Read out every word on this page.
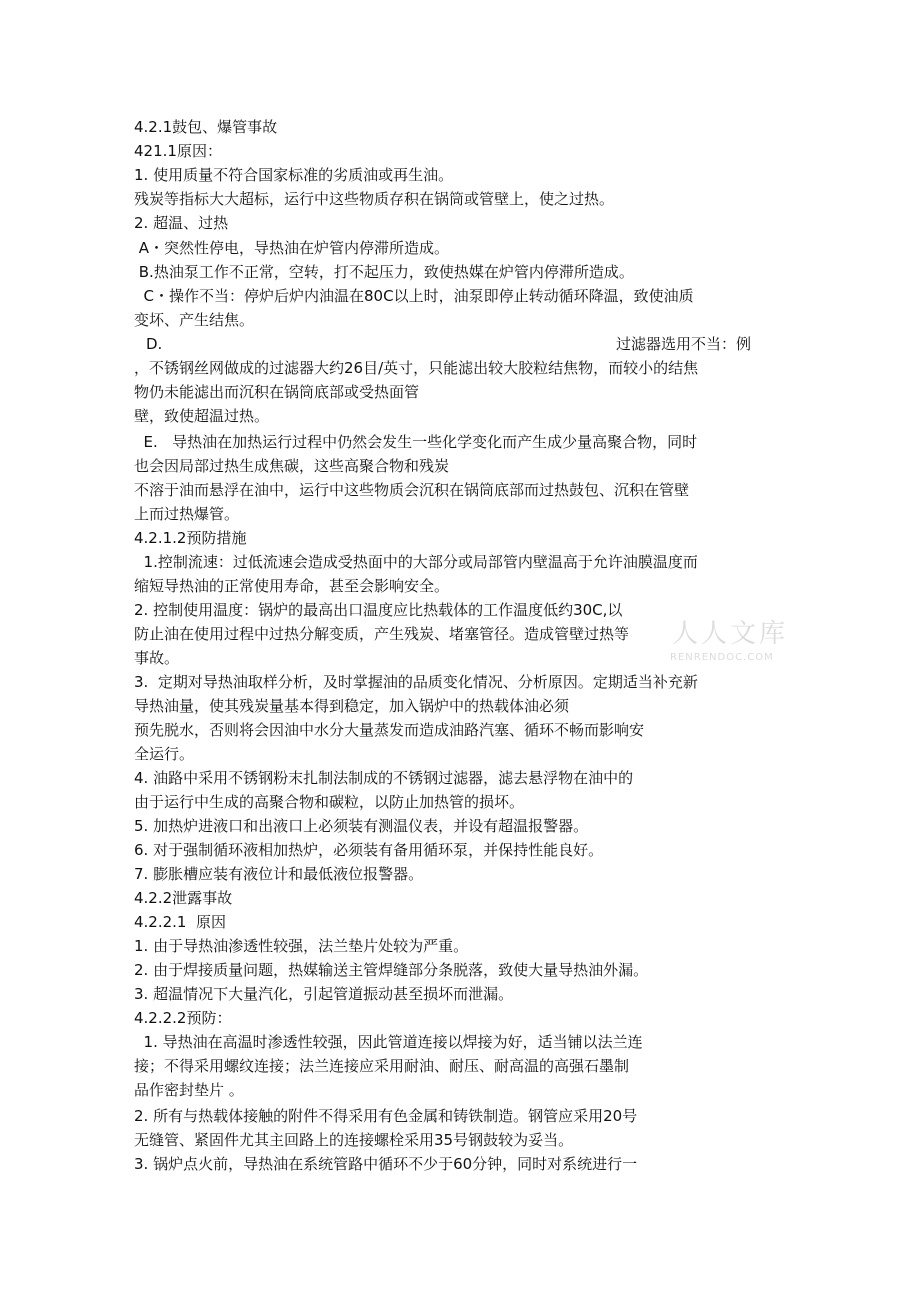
4.2.1鼓包、爆管事故
421.1原因：
1. 使用质量不符合国家标准的劣质油或再生油。
残炭等指标大大超标，运行中这些物质存积在锅筒或管壁上，使之过热。
2. 超温、过热
A・突然性停电，导热油在炉管内停滞所造成。
B.热油泵工作不正常，空转，打不起压力，致使热媒在炉管内停滞所造成。
C・操作不当：停炉后炉内油温在80C以上时，油泵即停止转动循环降温，致使油质
变坏、产生结焦。
，不锈钢丝网做成的过滤器大约26目/英寸，只能滤出较大胶粒结焦物，而较小的结焦
物仍未能滤出而沉积在锅筒底部或受热面管
壁，致使超温过热。
E.   导热油在加热运行过程中仍然会发生一些化学变化而产生成少量高聚合物，同时
也会因局部过热生成焦碳，这些高聚合物和残炭
不溶于油而悬浮在油中，运行中这些物质会沉积在锅筒底部而过热鼓包、沉积在管壁
上而过热爆管。
4.2.1.2预防措施
1.控制流速：过低流速会造成受热面中的大部分或局部管内壁温高于允许油膜温度而
缩短导热油的正常使用寿命，甚至会影响安全。
2. 控制使用温度：锅炉的最高出口温度应比热载体的工作温度低约30C,以
防止油在使用过程中过热分解变质，产生残炭、堵塞管径。造成管壁过热等
事故。
3.  定期对导热油取样分析，及时掌握油的品质变化情况、分析原因。定期适当补充新
导热油量，使其残炭量基本得到稳定，加入锅炉中的热载体油必须
预先脱水，否则将会因油中水分大量蒸发而造成油路汽塞、循环不畅而影响安
全运行。
4. 油路中采用不锈钢粉末扎制法制成的不锈钢过滤器，滤去悬浮物在油中的
由于运行中生成的高聚合物和碳粒，以防止加热管的损坏。
5. 加热炉进液口和出液口上必须装有测温仪表，并设有超温报警器。
6. 对于强制循环液相加热炉，必须装有备用循环泵，并保持性能良好。
7. 膨胀槽应装有液位计和最低液位报警器。
4.2.2泄露事故
4.2.2.1  原因
1. 由于导热油渗透性较强，法兰垫片处较为严重。
2. 由于焊接质量问题，热媒输送主管焊缝部分条脱落，致使大量导热油外漏。
3. 超温情况下大量汽化，引起管道振动甚至损坏而泄漏。
4.2.2.2预防：
1. 导热油在高温时渗透性较强，因此管道连接以焊接为好，适当铺以法兰连
接；不得采用螺纹连接；法兰连接应采用耐油、耐压、耐高温的高强石墨制
品作密封垫片 。
2. 所有与热载体接触的附件不得采用有色金属和铸铁制造。钢管应采用20号
无缝管、紧固件尤其主回路上的连接螺栓采用35号钢鼓较为妥当。
3. 锅炉点火前，导热油在系统管路中循环不少于60分钟，同时对系统进行一
D.	过滤器选用不当：例
人人文库
RENRENDOC.COM
